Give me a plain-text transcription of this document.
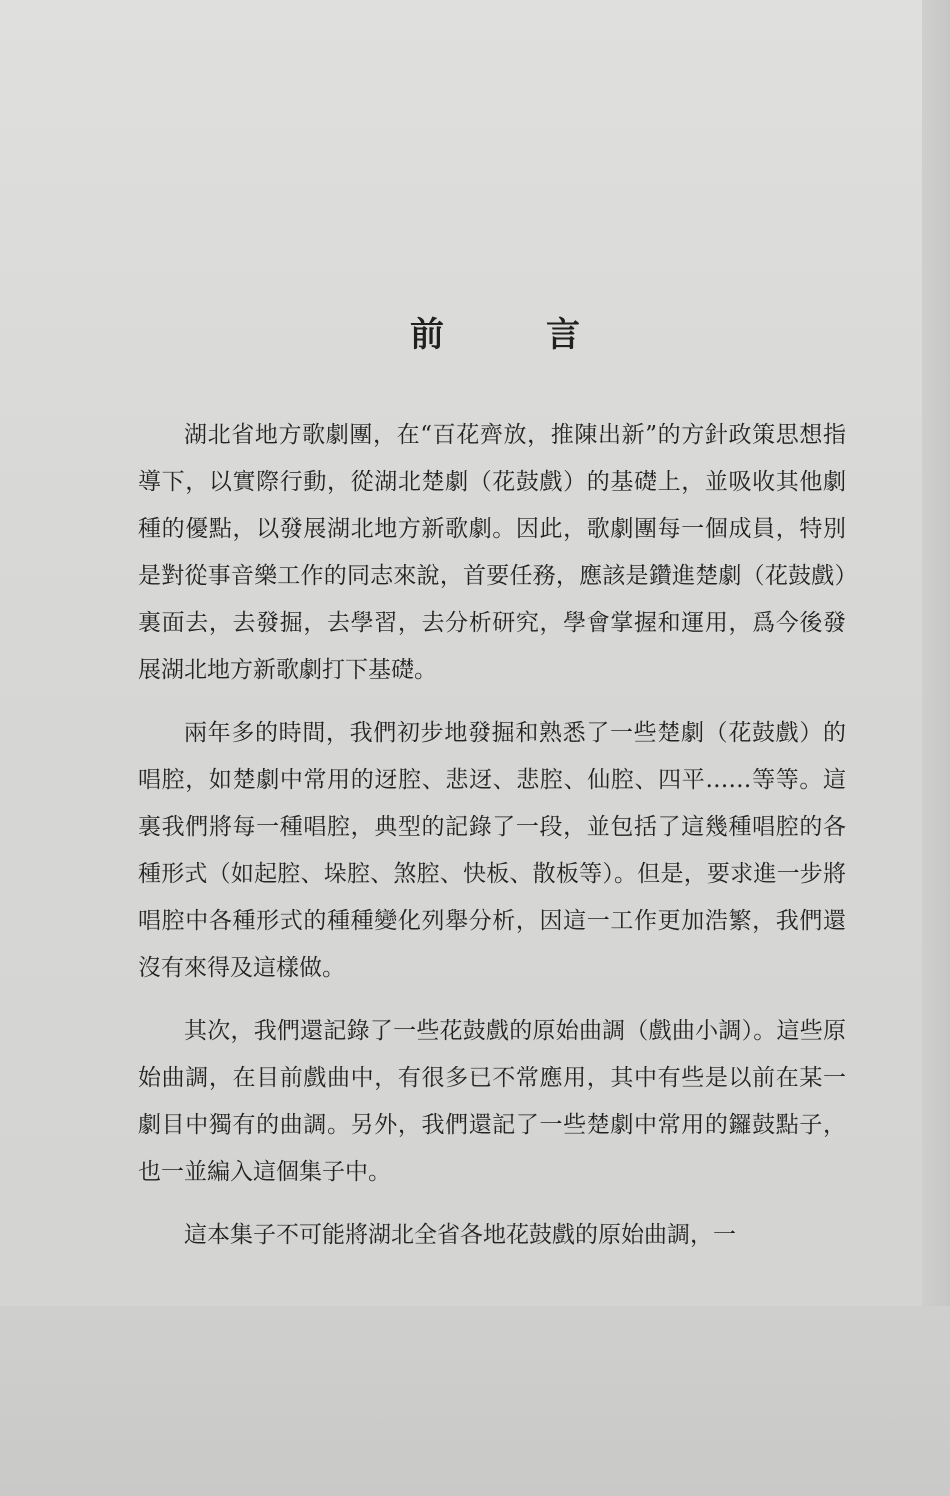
前	言

湖北省地方歌劇團，在“百花齊放，推陳出新”的方針政策思想指導下，以實際行動，從湖北楚劇（花鼓戲）的基礎上，並吸收其他劇種的優點，以發展湖北地方新歌劇。因此，歌劇團每一個成員，特別是對從事音樂工作的同志來說，首要任務，應該是鑽進楚劇（花鼓戲）裏面去，去發掘，去學習，去分析研究，學會掌握和運用，爲今後發展湖北地方新歌劇打下基礎。

兩年多的時間，我們初步地發掘和熟悉了一些楚劇（花鼓戲）的唱腔，如楚劇中常用的迓腔、悲迓、悲腔、仙腔、四平……等等。這裏我們將每一種唱腔，典型的記錄了一段，並包括了這幾種唱腔的各種形式（如起腔、垛腔、煞腔、快板、散板等）。但是，要求進一步將唱腔中各種形式的種種變化列舉分析，因這一工作更加浩繁，我們還沒有來得及這樣做。

其次，我們還記錄了一些花鼓戲的原始曲調（戲曲小調）。這些原始曲調，在目前戲曲中，有很多已不常應用，其中有些是以前在某一劇目中獨有的曲調。另外，我們還記了一些楚劇中常用的鑼鼓點子，也一並編入這個集子中。

這本集子不可能將湖北全省各地花鼓戲的原始曲調，一
